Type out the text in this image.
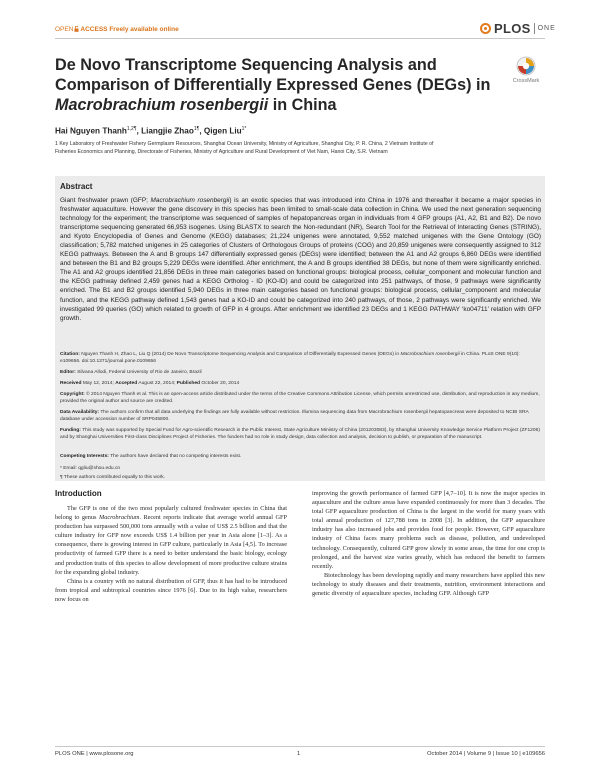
OPEN ACCESS Freely available online	PLOS ONE
De Novo Transcriptome Sequencing Analysis and
Comparison of Differentially Expressed Genes (DEGs) in
Macrobrachium rosenbergii in China
CrossMark
Hai Nguyen Thanh$^{1,2\P}$, Liangjie Zhao$^{1\P}$, Qigen Liu$^{1*}$
1 Key Laboratory of Freshwater Fishery Germplasm Resources, Shanghai Ocean University, Ministry of Agriculture, Shanghai City, P. R. China, 2 Vietnam Institute of
Fisheries Economics and Planning, Directorate of Fisheries, Ministry of Agriculture and Rural Development of Viet Nam, Hanoi City, S.R. Vietnam
Abstract
Giant freshwater prawn (GFP; Macrobrachium rosenbergii) is an exotic species that was introduced into China in 1976 and thereafter it became a major species in freshwater aquaculture. However the gene discovery in this species has been limited to small-scale data collection in China. We used the next generation sequencing technology for the experiment; the transcriptome was sequenced of samples of hepatopancreas organ in individuals from 4 GFP groups (A1, A2, B1 and B2). De novo transcriptome sequencing generated 66,953 isogenes. Using BLASTX to search the Non-redundant (NR), Search Tool for the Retrieval of Interacting Genes (STRING), and Kyoto Encyclopedia of Genes and Genome (KEGG) databases; 21,224 unigenes were annotated, 9,552 matched unigenes with the Gene Ontology (GO) classification; 5,782 matched unigenes in 25 categories of Clusters of Orthologous Groups of proteins (COG) and 20,859 unigenes were consequently assigned to 312 KEGG pathways. Between the A and B groups 147 differentially expressed genes (DEGs) were identified; between the A1 and A2 groups 6,860 DEGs were identified and between the B1 and B2 groups 5,229 DEGs were identified. After enrichment, the A and B groups identified 38 DEGs, but none of them were significantly enriched. The A1 and A2 groups identified 21,856 DEGs in three main categories based on functional groups: biological process, cellular_component and molecular function and the KEGG pathway defined 2,459 genes had a KEGG Ortholog - ID (KO-ID) and could be categorized into 251 pathways, of those, 9 pathways were significantly enriched. The B1 and B2 groups identified 5,940 DEGs in three main categories based on functional groups: biological process, cellular_component and molecular function, and the KEGG pathway defined 1,543 genes had a KO-ID and could be categorized into 240 pathways, of those, 2 pathways were significantly enriched. We investigated 99 queries (GO) which related to growth of GFP in 4 groups. After enrichment we identified 23 DEGs and 1 KEGG PATHWAY ‘ko04711’ relation with GFP growth.
Citation: Nguyen Thanh H, Zhao L, Liu Q (2014) De Novo Transcriptome Sequencing Analysis and Comparison of Differentially Expressed Genes (DEGs) in Macrobrachium rosenbergii in China. PLoS ONE 9(10): e109656. doi:10.1371/journal.pone.0109656
Editor: Silvana Allodi, Federal University of Rio de Janeiro, Brazil
Received May 12, 2014; Accepted August 22, 2014; Published October 20, 2014
Copyright: © 2014 Nguyen Thanh et al. This is an open-access article distributed under the terms of the Creative Commons Attribution License, which permits unrestricted use, distribution, and reproduction in any medium, provided the original author and source are credited.
Data Availability: The authors confirm that all data underlying the findings are fully available without restriction. Illumina sequencing data from Macrobrachium rosenbergii hepatopancreas were deposited to NCBI SRA database under accession number of SRP045800.
Funding: This study was supported by Special Fund for Agro-scientific Research in the Public Interest, State Agriculture Ministry of China (201203083), by Shanghai University Knowledge Service Platform Project (ZF1206) and by Shanghai Universities First-class Disciplines Project of Fisheries. The funders had no role in study design, data collection and analysis, decision to publish, or preparation of the manuscript.
Competing Interests: The authors have declared that no competing interests exist.
* Email: qgliu@shou.edu.cn
¶ These authors contributed equally to this work.
Introduction

The GFP is one of the two most popularly cultured freshwater species in China that belong to genus Macrobrachium. Recent reports indicate that average world annual GFP production has surpassed 500,000 tons annually with a value of US$ 2.5 billion and that the culture industry for GFP now exceeds US$ 1.4 billion per year in Asia alone [1–3]. As a consequence, there is growing interest in GFP culture, particularly in Asia [4,5]. To increase productivity of farmed GFP there is a need to better understand the basic biology, ecology and production traits of this species to allow development of more productive culture strains for the expanding global industry.

China is a country with no natural distribution of GFP, thus it has had to be introduced from tropical and subtropical countries since 1976 [6]. Due to its high value, researchers now focus on

improving the growth performance of farmed GFP [4,7–10]. It is now the major species in aquaculture and the culture areas have expanded continuously for more than 3 decades. The total GFP aquaculture production of China is the largest in the world for many years with total annual production of 127,788 tons in 2008 [3]. In addition, the GFP aquaculture industry has also increased jobs and provides food for people. However, GFP aquaculture industry of China faces many problems such as disease, pollution, and undeveloped technology. Consequently, cultured GFP grow slowly in some areas, the time for one crop is prolonged, and the harvest size varies greatly, which has reduced the benefit to farmers recently.

Biotechnology has been developing rapidly and many researchers have applied this new technology to study diseases and their treatments, nutrition, environment interactions and genetic diversity of aquaculture species, including GFP. Although GFP

PLOS ONE | www.plosone.org	1	October 2014 | Volume 9 | Issue 10 | e109656
